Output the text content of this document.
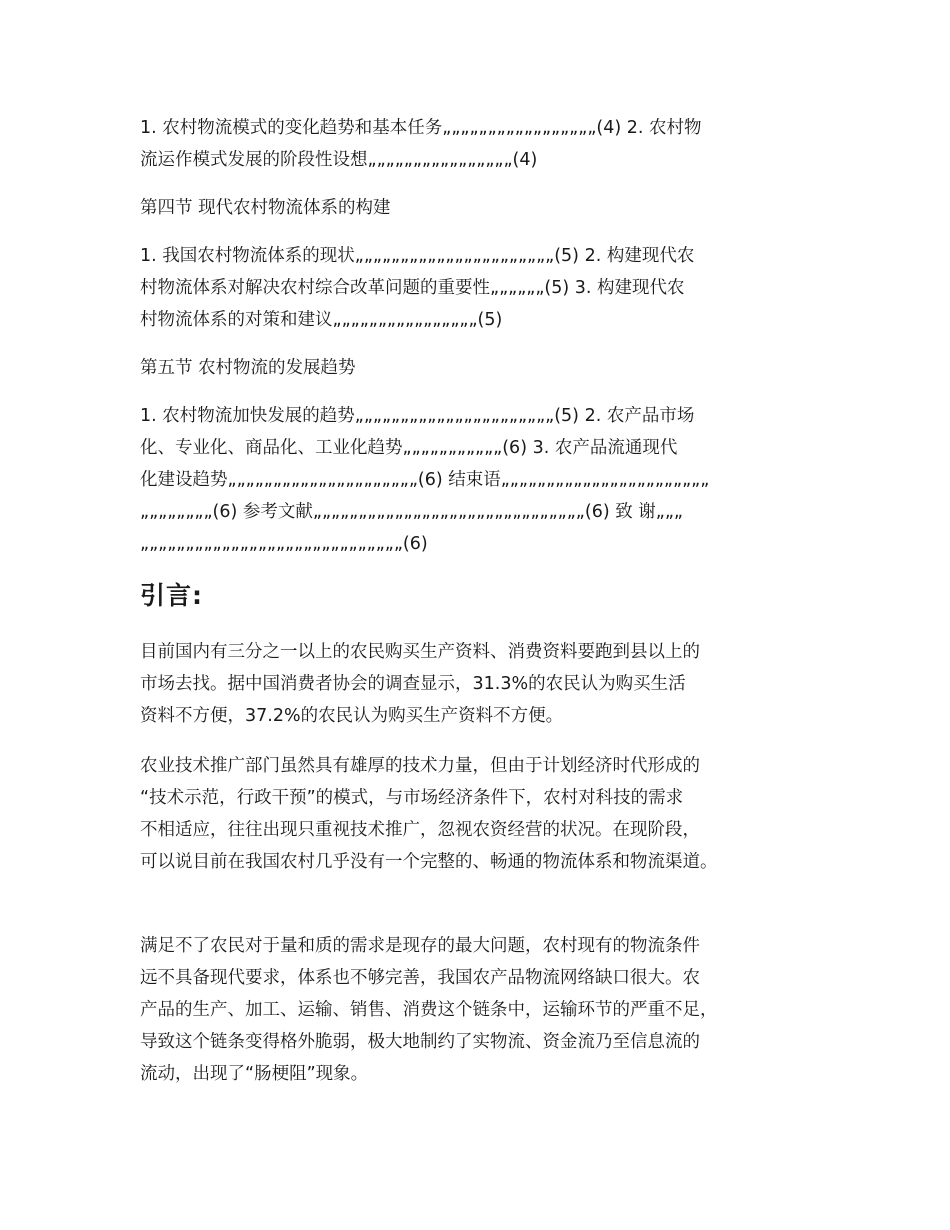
1. 农村物流模式的变化趋势和基本任务„„„„„„„„„„„„„„„„„(4) 2. 农村物
流运作模式发展的阶段性设想„„„„„„„„„„„„„„„„(4)

第四节 现代农村物流体系的构建

1. 我国农村物流体系的现状„„„„„„„„„„„„„„„„„„„„„„(5) 2. 构建现代农
村物流体系对解决农村综合改革问题的重要性„„„„„„(5) 3. 构建现代农
村物流体系的对策和建议„„„„„„„„„„„„„„„„(5)

第五节 农村物流的发展趋势

1. 农村物流加快发展的趋势„„„„„„„„„„„„„„„„„„„„„„(5) 2. 农产品市场
化、专业化、商品化、工业化趋势„„„„„„„„„„„(6) 3. 农产品流通现代
化建设趋势„„„„„„„„„„„„„„„„„„„„„(6) 结束语„„„„„„„„„„„„„„„„„„„„„„„
„„„„„„„„(6) 参考文献„„„„„„„„„„„„„„„„„„„„„„„„„„„„„„(6) 致 谢„„„
„„„„„„„„„„„„„„„„„„„„„„„„„„„„„(6)

引言:

目前国内有三分之一以上的农民购买生产资料、消费资料要跑到县以上的
市场去找。据中国消费者协会的调查显示，31.3%的农民认为购买生活
资料不方便，37.2%的农民认为购买生产资料不方便。

农业技术推广部门虽然具有雄厚的技术力量，但由于计划经济时代形成的
“技术示范，行政干预”的模式，与市场经济条件下，农村对科技的需求
不相适应，往往出现只重视技术推广，忽视农资经营的状况。在现阶段，
可以说目前在我国农村几乎没有一个完整的、畅通的物流体系和物流渠道。

满足不了农民对于量和质的需求是现存的最大问题，农村现有的物流条件
远不具备现代要求，体系也不够完善，我国农产品物流网络缺口很大。农
产品的生产、加工、运输、销售、消费这个链条中，运输环节的严重不足，
导致这个链条变得格外脆弱，极大地制约了实物流、资金流乃至信息流的
流动，出现了“肠梗阻”现象。
